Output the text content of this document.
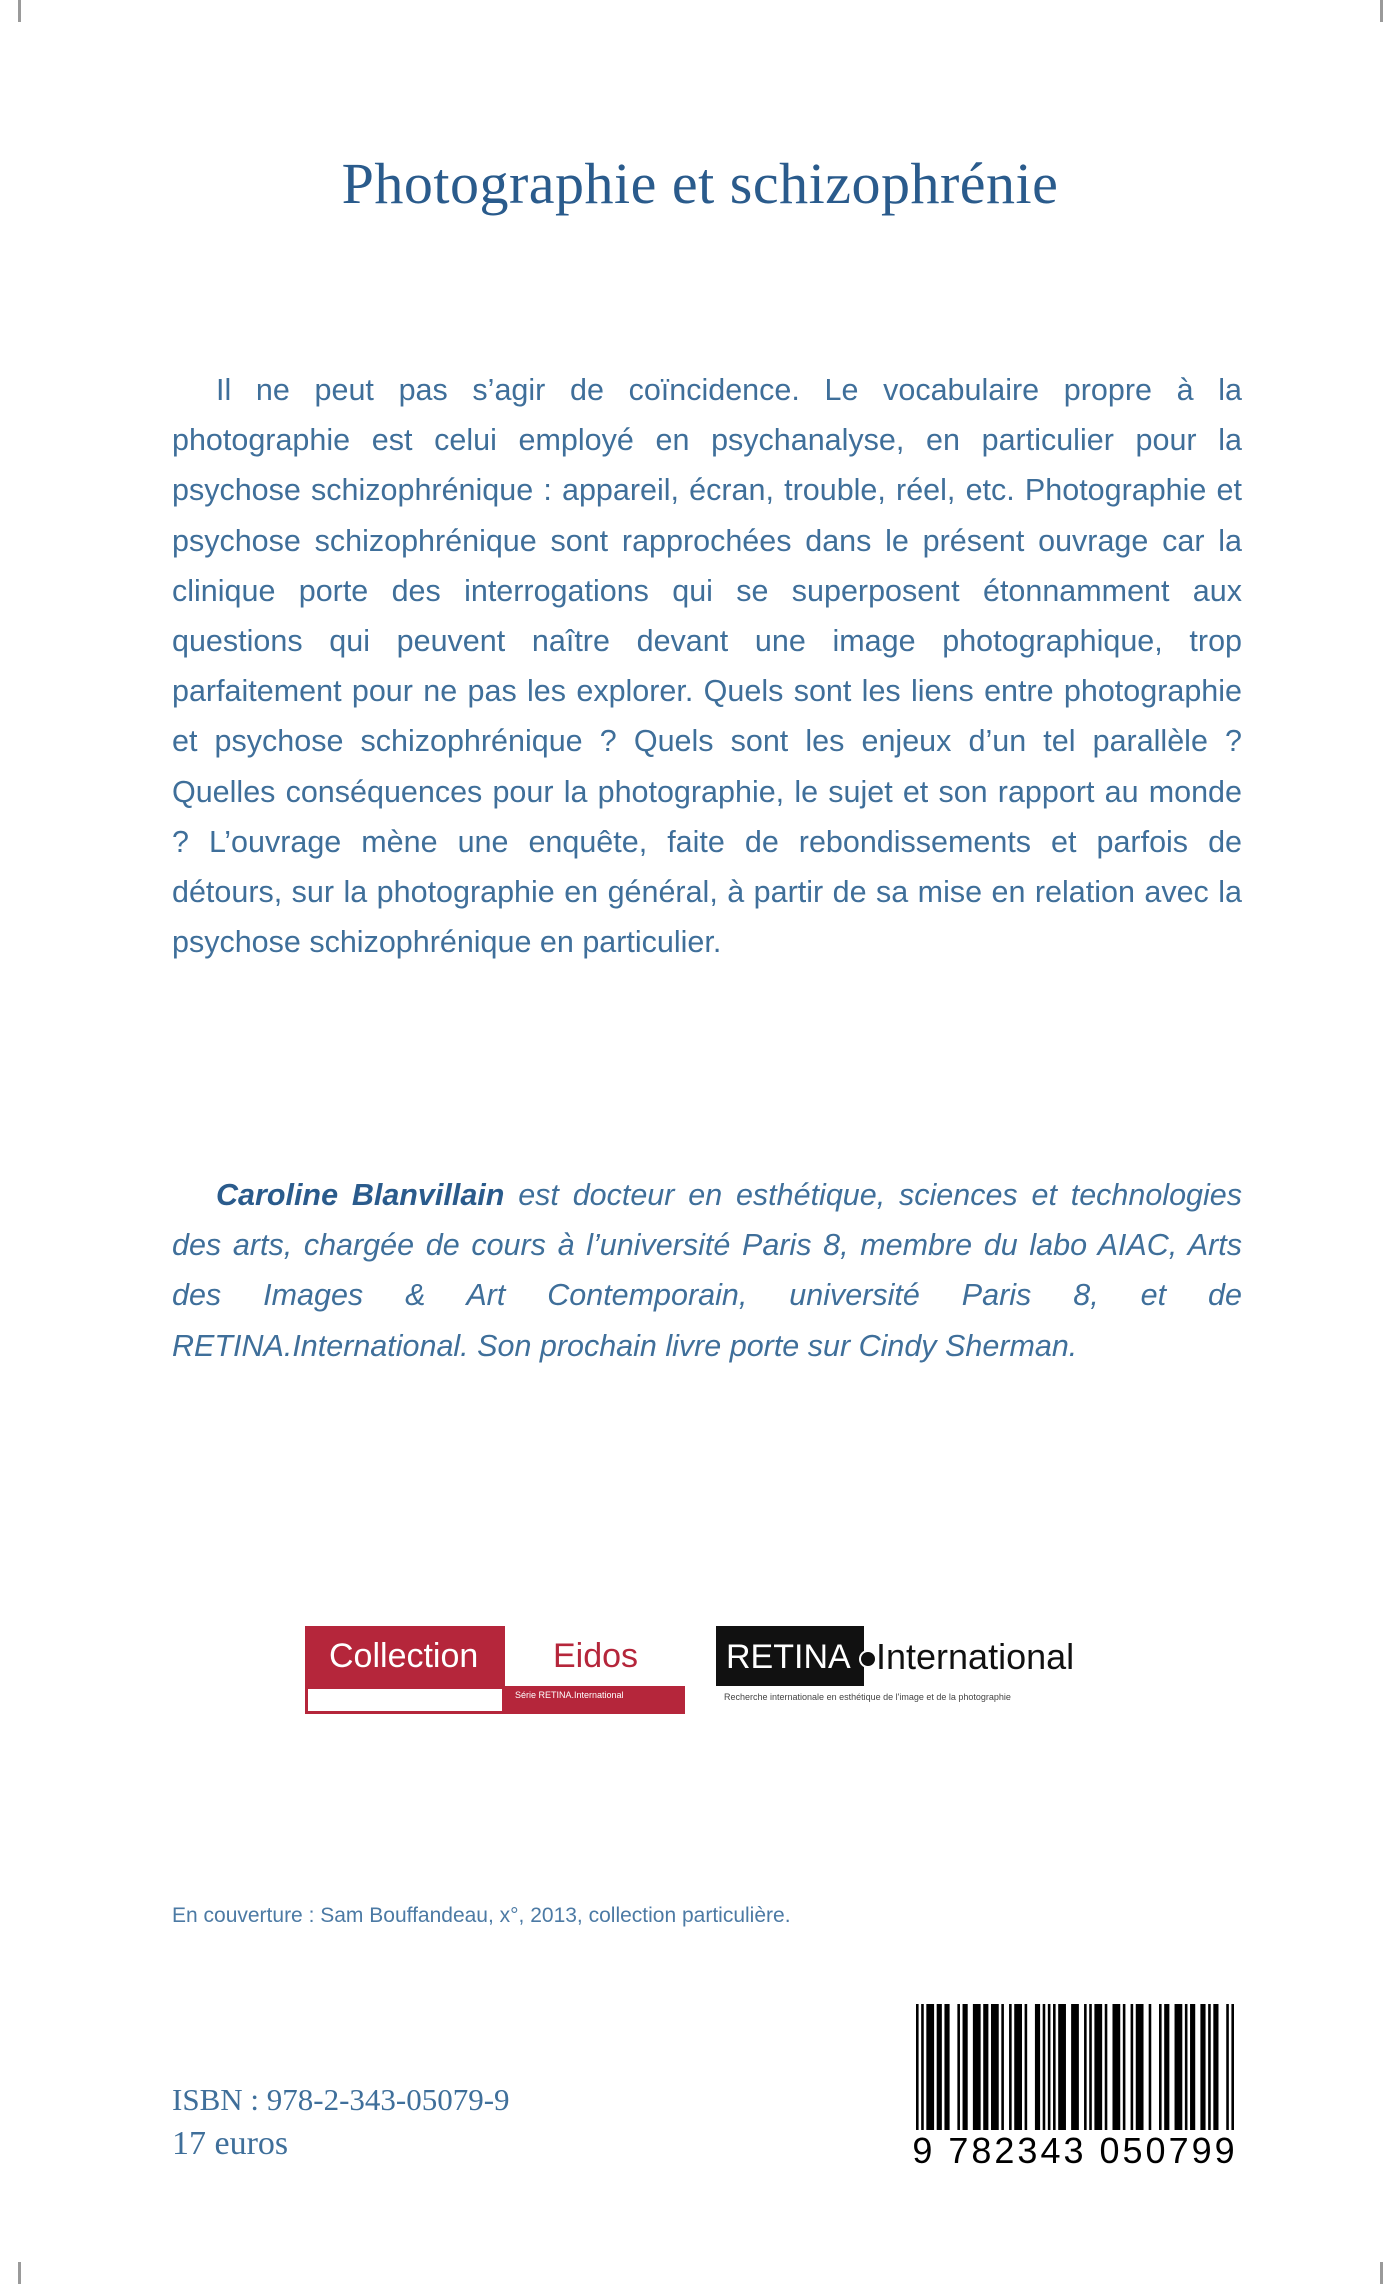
Photographie et schizophrénie

Il ne peut pas s’agir de coïncidence. Le vocabulaire propre à la photographie est celui employé en psychanalyse, en particulier pour la psychose schizophrénique : appareil, écran, trouble, réel, etc. Photographie et psychose schizophrénique sont rapprochées dans le présent ouvrage car la clinique porte des interrogations qui se superposent étonnamment aux questions qui peuvent naître devant une image photographique, trop parfaitement pour ne pas les explorer. Quels sont les liens entre photographie et psychose schizophrénique ? Quels sont les enjeux d’un tel parallèle ? Quelles conséquences pour la photographie, le sujet et son rapport au monde ? L’ouvrage mène une enquête, faite de rebondissements et parfois de détours, sur la photographie en général, à partir de sa mise en relation avec la psychose schizophrénique en particulier.

Caroline Blanvillain est docteur en esthétique, sciences et technologies des arts, chargée de cours à l’université Paris 8, membre du labo AIAC, Arts des Images & Art Contemporain, université Paris 8, et de RETINA.International. Son prochain livre porte sur Cindy Sherman.

Collection	Eidos
Série RETINA.International
RETINA International
Recherche internationale en esthétique de l'image et de la photographie
En couverture : Sam Bouffandeau, x°, 2013, collection particulière.
ISBN : 978-2-343-05079-9
17 euros	9 782343 050799
